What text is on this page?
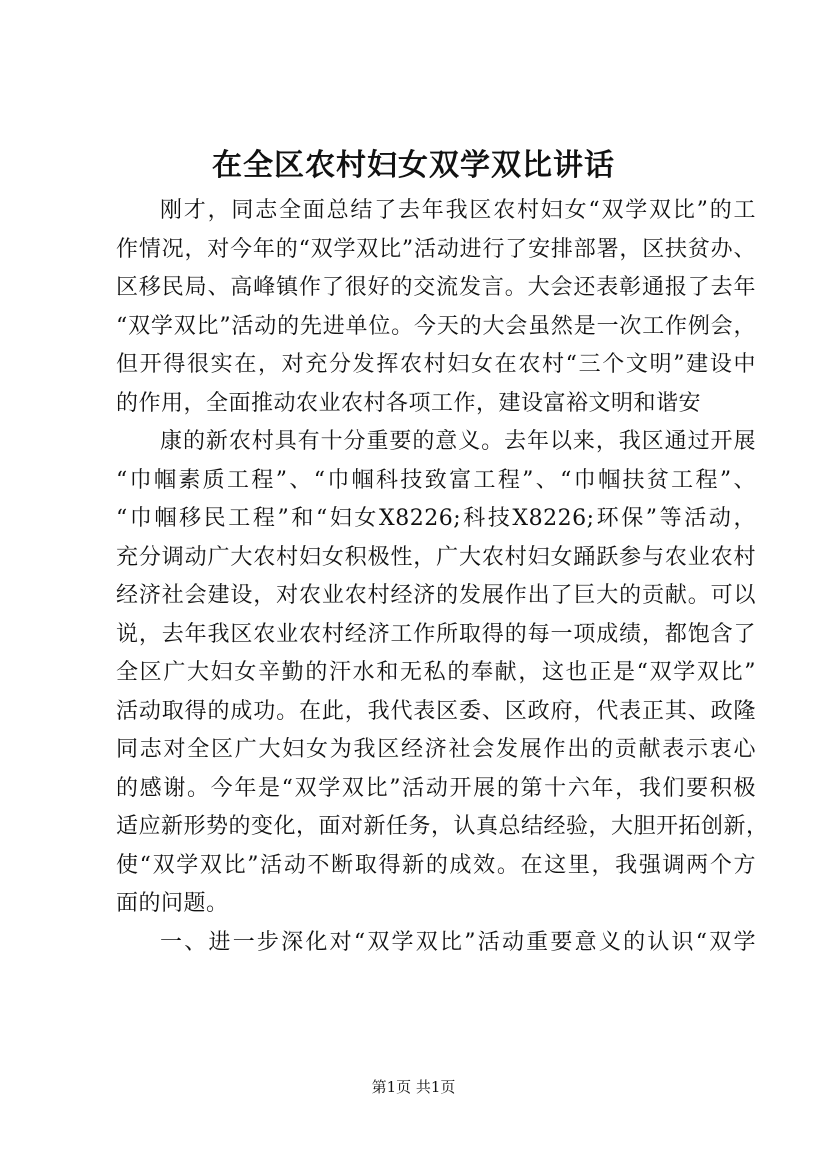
在全区农村妇女双学双比讲话
刚才，同志全面总结了去年我区农村妇女“双学双比”的工
作情况，对今年的“双学双比”活动进行了安排部署，区扶贫办、
区移民局、高峰镇作了很好的交流发言。大会还表彰通报了去年
“双学双比”活动的先进单位。今天的大会虽然是一次工作例会，
但开得很实在，对充分发挥农村妇女在农村“三个文明”建设中
的作用，全面推动农业农村各项工作，建设富裕文明和谐安
康的新农村具有十分重要的意义。去年以来，我区通过开展
“巾帼素质工程”、“巾帼科技致富工程”、“巾帼扶贫工程”、
“巾帼移民工程”和“妇女X8226;科技X8226;环保”等活动，
充分调动广大农村妇女积极性，广大农村妇女踊跃参与农业农村
经济社会建设，对农业农村经济的发展作出了巨大的贡献。可以
说，去年我区农业农村经济工作所取得的每一项成绩，都饱含了
全区广大妇女辛勤的汗水和无私的奉献，这也正是“双学双比”
活动取得的成功。在此，我代表区委、区政府，代表正其、政隆
同志对全区广大妇女为我区经济社会发展作出的贡献表示衷心
的感谢。今年是“双学双比”活动开展的第十六年，我们要积极
适应新形势的变化，面对新任务，认真总结经验，大胆开拓创新，
使“双学双比”活动不断取得新的成效。在这里，我强调两个方
面的问题。
一、进一步深化对“双学双比”活动重要意义的认识“双学
第1页 共1页
